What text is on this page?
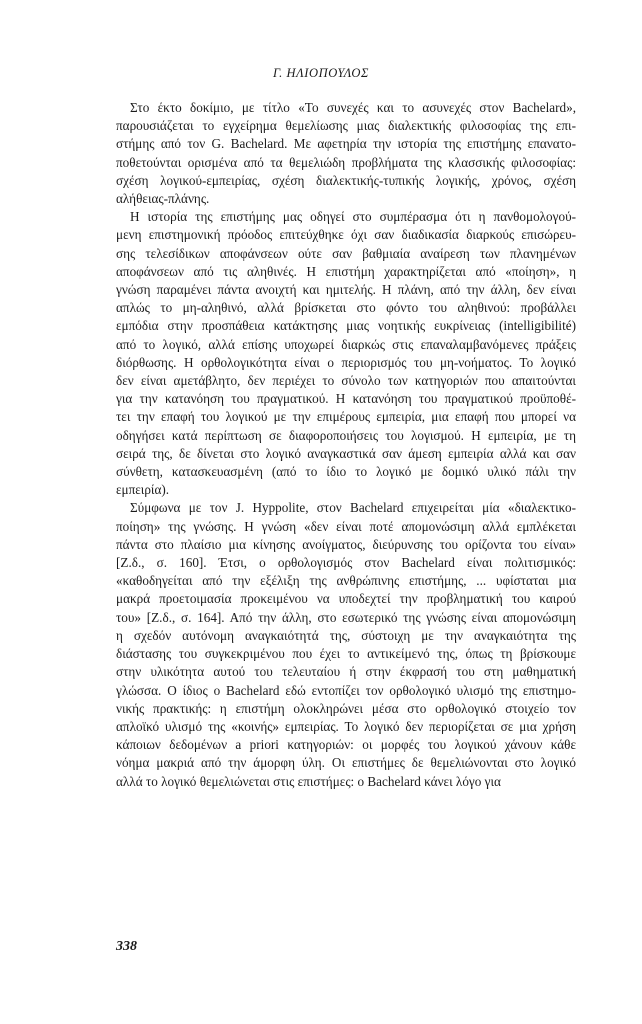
Γ. ΗΛΙΟΠΟΥΛΟΣ
Στο έκτο δοκίμιο, με τίτλο «Το συνεχές και το ασυνεχές στον Bachelard»,
παρουσιάζεται το εγχείρημα θεμελίωσης μιας διαλεκτικής φιλοσοφίας της επι-
στήμης από τον G. Bachelard. Με αφετηρία την ιστορία της επιστήμης επανατο-
ποθετούνται ορισμένα από τα θεμελιώδη προβλήματα της κλασσικής φιλοσοφίας:
σχέση λογικού-εμπειρίας, σχέση διαλεκτικής-τυπικής λογικής, χρόνος, σχέση
αλήθειας-πλάνης.
Η ιστορία της επιστήμης μας οδηγεί στο συμπέρασμα ότι η πανθομολογού-
μενη επιστημονική πρόοδος επιτεύχθηκε όχι σαν διαδικασία διαρκούς επισώρευ-
σης τελεσίδικων αποφάνσεων ούτε σαν βαθμιαία αναίρεση των πλανημένων
αποφάνσεων από τις αληθινές. Η επιστήμη χαρακτηρίζεται από «ποίηση», η
γνώση παραμένει πάντα ανοιχτή και ημιτελής. Η πλάνη, από την άλλη, δεν είναι
απλώς το μη-αληθινό, αλλά βρίσκεται στο φόντο του αληθινού: προβάλλει
εμπόδια στην προσπάθεια κατάκτησης μιας νοητικής ευκρίνειας (intelligibilité)
από το λογικό, αλλά επίσης υποχωρεί διαρκώς στις επαναλαμβανόμενες πράξεις
διόρθωσης. Η ορθολογικότητα είναι ο περιορισμός του μη-νοήματος. Το λογικό
δεν είναι αμετάβλητο, δεν περιέχει το σύνολο των κατηγοριών που απαιτούνται
για την κατανόηση του πραγματικού. Η κατανόηση του πραγματικού προϋποθέ-
τει την επαφή του λογικού με την επιμέρους εμπειρία, μια επαφή που μπορεί να
οδηγήσει κατά περίπτωση σε διαφοροποιήσεις του λογισμού. Η εμπειρία, με τη
σειρά της, δε δίνεται στο λογικό αναγκαστικά σαν άμεση εμπειρία αλλά και σαν
σύνθετη, κατασκευασμένη (από το ίδιο το λογικό με δομικό υλικό πάλι την
εμπειρία).
Σύμφωνα με τον J. Hyppolite, στον Bachelard επιχειρείται μία «διαλεκτικο-
ποίηση» της γνώσης. Η γνώση «δεν είναι ποτέ απομονώσιμη αλλά εμπλέκεται
πάντα στο πλαίσιο μια κίνησης ανοίγματος, διεύρυνσης του ορίζοντα του είναι»
[Ζ.δ., σ. 160]. Έτσι, ο ορθολογισμός στον Bachelard είναι πολιτισμικός:
«καθοδηγείται από την εξέλιξη της ανθρώπινης επιστήμης, ... υφίσταται μια
μακρά προετοιμασία προκειμένου να υποδεχτεί την προβληματική του καιρού
του» [Ζ.δ., σ. 164]. Από την άλλη, στο εσωτερικό της γνώσης είναι απομονώσιμη
η σχεδόν αυτόνομη αναγκαιότητά της, σύστοιχη με την αναγκαιότητα της
διάστασης του συγκεκριμένου που έχει το αντικείμενό της, όπως τη βρίσκουμε
στην υλικότητα αυτού του τελευταίου ή στην έκφρασή του στη μαθηματική
γλώσσα. Ο ίδιος ο Bachelard εδώ εντοπίζει τον ορθολογικό υλισμό της επιστημο-
νικής πρακτικής: η επιστήμη ολοκληρώνει μέσα στο ορθολογικό στοιχείο τον
απλοϊκό υλισμό της «κοινής» εμπειρίας. Το λογικό δεν περιορίζεται σε μια χρήση
κάποιων δεδομένων a priori κατηγοριών: οι μορφές του λογικού χάνουν κάθε
νόημα μακριά από την άμορφη ύλη. Οι επιστήμες δε θεμελιώνονται στο λογικό
αλλά το λογικό θεμελιώνεται στις επιστήμες: ο Bachelard κάνει λόγο για
338
